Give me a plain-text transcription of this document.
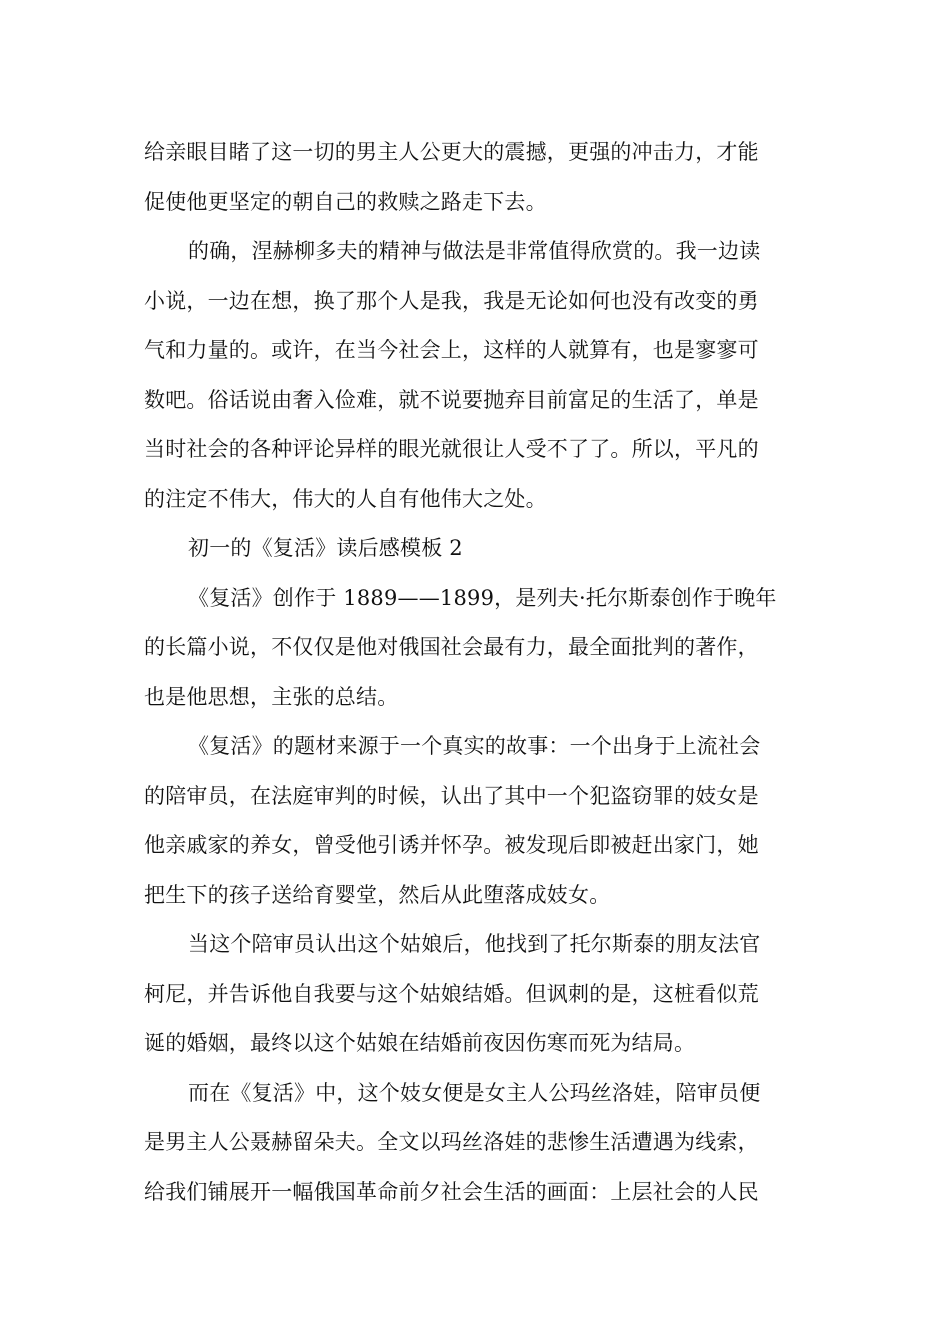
给亲眼目睹了这一切的男主人公更大的震撼，更强的冲击力，才能
促使他更坚定的朝自己的救赎之路走下去。
的确，涅赫柳多夫的精神与做法是非常值得欣赏的。我一边读
小说，一边在想，换了那个人是我，我是无论如何也没有改变的勇
气和力量的。或许，在当今社会上，这样的人就算有，也是寥寥可
数吧。俗话说由奢入俭难，就不说要抛弃目前富足的生活了，单是
当时社会的各种评论异样的眼光就很让人受不了了。所以，平凡的
的注定不伟大，伟大的人自有他伟大之处。
初一的《复活》读后感模板 2
《复活》创作于 1889——1899，是列夫·托尔斯泰创作于晚年
的长篇小说，不仅仅是他对俄国社会最有力，最全面批判的著作，
也是他思想，主张的总结。
《复活》的题材来源于一个真实的故事：一个出身于上流社会
的陪审员，在法庭审判的时候，认出了其中一个犯盗窃罪的妓女是
他亲戚家的养女，曾受他引诱并怀孕。被发现后即被赶出家门，她
把生下的孩子送给育婴堂，然后从此堕落成妓女。
当这个陪审员认出这个姑娘后，他找到了托尔斯泰的朋友法官
柯尼，并告诉他自我要与这个姑娘结婚。但讽刺的是，这桩看似荒
诞的婚姻，最终以这个姑娘在结婚前夜因伤寒而死为结局。
而在《复活》中，这个妓女便是女主人公玛丝洛娃，陪审员便
是男主人公聂赫留朵夫。全文以玛丝洛娃的悲惨生活遭遇为线索，
给我们铺展开一幅俄国革命前夕社会生活的画面：上层社会的人民
